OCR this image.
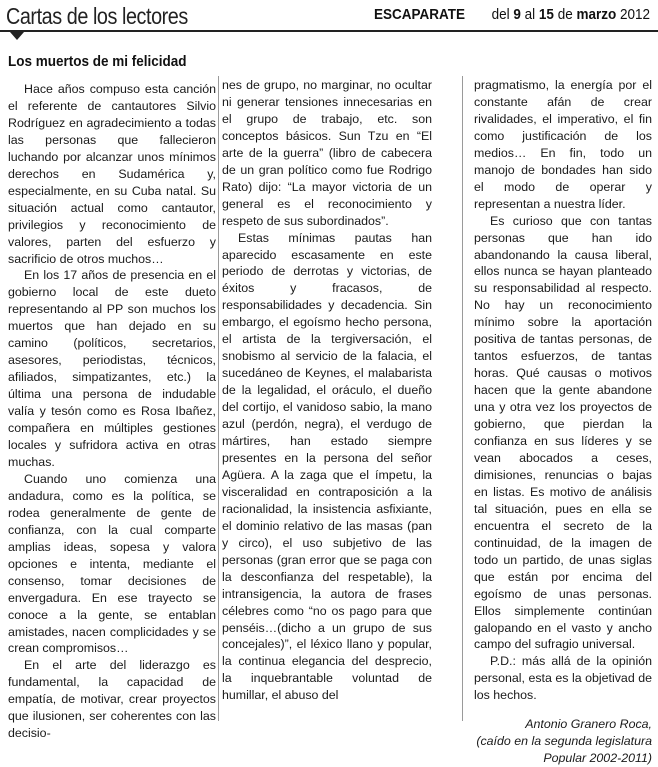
Cartas de los lectores	ESCAPARATE del 9 al 15 de marzo 2012
Los muertos de mi felicidad

Hace años compuso esta canción el referente de cantautores Silvio Rodríguez en agradecimiento a todas las personas que fallecieron luchando por alcanzar unos mínimos derechos en Sudamérica y, especialmente, en su Cuba natal. Su situación actual como cantautor, privilegios y reconocimiento de valores, parten del esfuerzo y sacrificio de otros muchos…

En los 17 años de presencia en el gobierno local de este dueto representando al PP son muchos los muertos que han dejado en su camino (políticos, secretarios, asesores, periodistas, técnicos, afiliados, simpatizantes, etc.) la última una persona de indudable valía y tesón como es Rosa Ibañez, compañera en múltiples gestiones locales y sufridora activa en otras muchas.

Cuando uno comienza una andadura, como es la política, se rodea generalmente de gente de confianza, con la cual comparte amplias ideas, sopesa y valora opciones e intenta, mediante el consenso, tomar decisiones de envergadura. En ese trayecto se conoce a la gente, se entablan amistades, nacen complicidades y se crean compromisos…

En el arte del liderazgo es fundamental, la capacidad de empatía, de motivar, crear proyectos que ilusionen, ser coherentes con las decisio-

nes de grupo, no marginar, no ocultar ni generar tensiones innecesarias en el grupo de trabajo, etc. son conceptos básicos. Sun Tzu en “El arte de la guerra” (libro de cabecera de un gran político como fue Rodrigo Rato) dijo: “La mayor victoria de un general es el reconocimiento y respeto de sus subordinados”.

Estas mínimas pautas han aparecido escasamente en este periodo de derrotas y victorias, de éxitos y fracasos, de responsabilidades y decadencia. Sin embargo, el egoísmo hecho persona, el artista de la tergiversación, el snobismo al servicio de la falacia, el sucedáneo de Keynes, el malabarista de la legalidad, el oráculo, el dueño del cortijo, el vanidoso sabio, la mano azul (perdón, negra), el verdugo de mártires, han estado siempre presentes en la persona del señor Agüera. A la zaga que el ímpetu, la visceralidad en contraposición a la racionalidad, la insistencia asfixiante, el dominio relativo de las masas (pan y circo), el uso subjetivo de las personas (gran error que se paga con la desconfianza del respetable), la intransigencia, la autora de frases célebres como “no os pago para que penséis…(dicho a un grupo de sus concejales)”, el léxico llano y popular, la continua elegancia del desprecio, la inquebrantable voluntad de humillar, el abuso del

pragmatismo, la energía por el constante afán de crear rivalidades, el imperativo, el fin como justificación de los medios… En fin, todo un manojo de bondades han sido el modo de operar y representan a nuestra líder.

Es curioso que con tantas personas que han ido abandonando la causa liberal, ellos nunca se hayan planteado su responsabilidad al respecto. No hay un reconocimiento mínimo sobre la aportación positiva de tantas personas, de tantos esfuerzos, de tantas horas. Qué causas o motivos hacen que la gente abandone una y otra vez los proyectos de gobierno, que pierdan la confianza en sus líderes y se vean abocados a ceses, dimisiones, renuncias o bajas en listas. Es motivo de análisis tal situación, pues en ella se encuentra el secreto de la continuidad, de la imagen de todo un partido, de unas siglas que están por encima del egoísmo de unas personas. Ellos simplemente continúan galopando en el vasto y ancho campo del sufragio universal.

P.D.: más allá de la opinión personal, esta es la objetivad de los hechos.

Antonio Granero Roca,

(caído en la segunda legislatura Popular 2002-2011)
